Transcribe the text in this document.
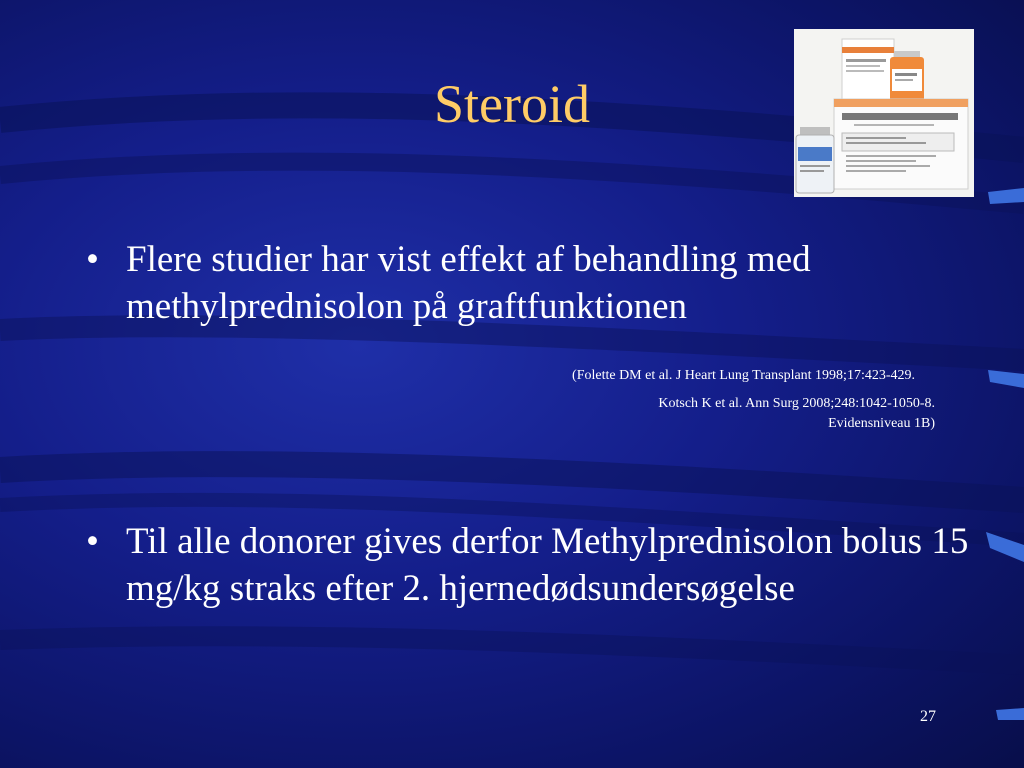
Steroid
• Flere studier har vist effekt af behandling med methylprednisolon på graftfunktionen
(Folette DM et al. J Heart Lung Transplant 1998;17:423-429.
Kotsch K et al. Ann Surg 2008;248:1042-1050-8.
Evidensniveau 1B)
• Til alle donorer gives derfor Methylprednisolon bolus 15 mg/kg straks efter 2. hjernedødsundersøgelse
27
